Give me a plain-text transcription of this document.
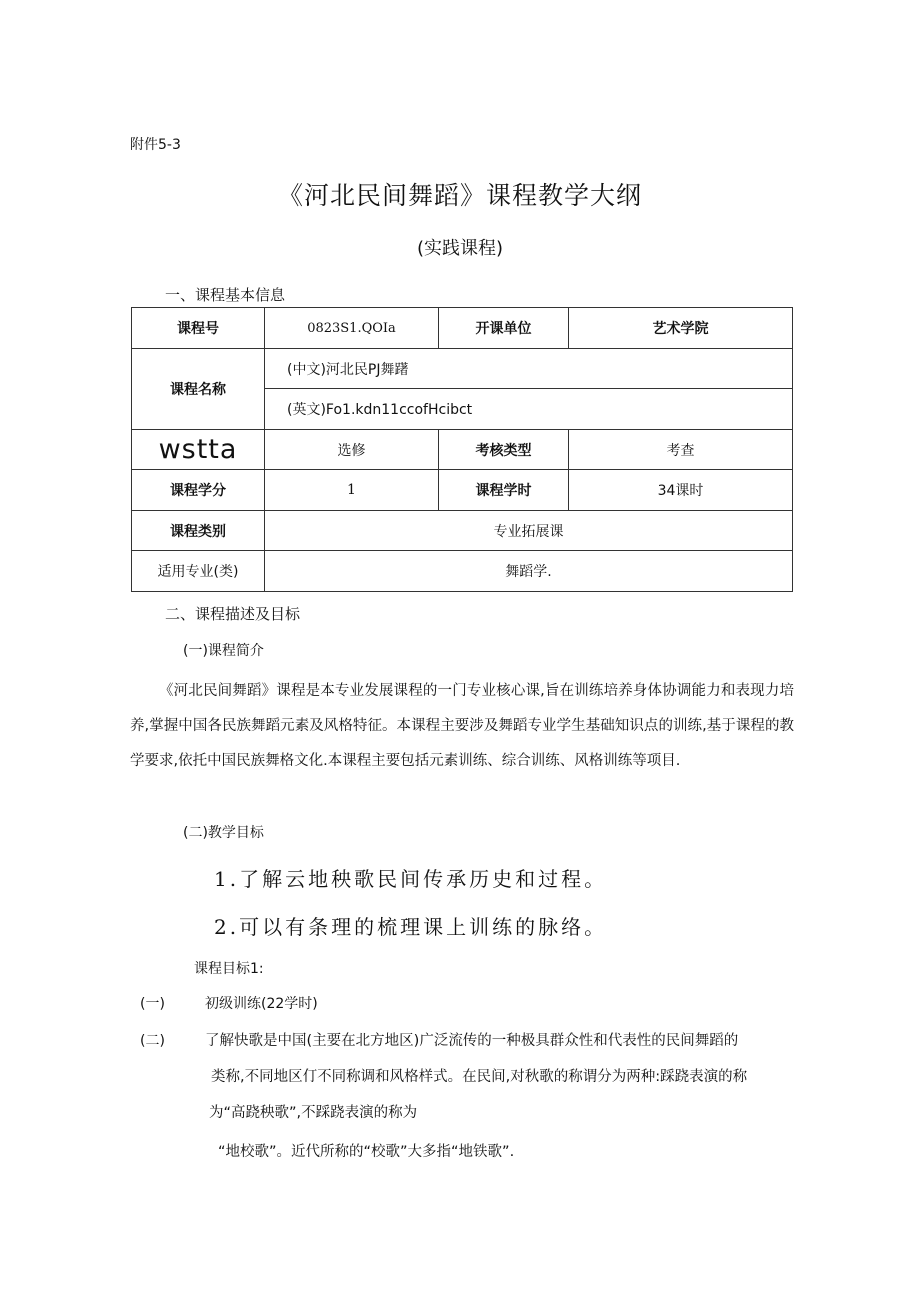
附件5-3
《河北民间舞蹈》课程教学大纲
(实践课程)
一、课程基本信息
课程号	0823S1.QOIa	开课单位	艺术学院
课程名称	(中文)河北民PJ舞躇		
	(英文)Fo1.kdn11ccofHcibct		
wstta	选修	考核类型	考查
课程学分	1	课程学时	34课时
课程类别	专业拓展课		
适用专业(类)	舞蹈学.		
二、课程描述及目标
(一)课程简介
《河北民间舞蹈》课程是本专业发展课程的一门专业核心课,旨在训练培养身体协调能力和表现力培养,掌握中国各民族舞蹈元素及风格特征。本课程主要涉及舞蹈专业学生基础知识点的训练,基于课程的教学要求,依托中国民族舞格文化.本课程主要包括元素训练、综合训练、风格训练等项目.
(二)教学目标
1.了解云地秧歌民间传承历史和过程。
2.可以有条理的梳理课上训练的脉络。
课程目标1:
(一)	初级训练(22学时)
(二)	了解快歌是中国(主要在北方地区)广泛流传的一种极具群众性和代表性的民间舞蹈的
类称,不同地区仃不同称调和风格样式。在民间,对秋歌的称谓分为两种:踩跷表演的称
为“高跷秧歌”,不踩跷表演的称为
“地校歌”。近代所称的“校歌”大多指“地铁歌”.
